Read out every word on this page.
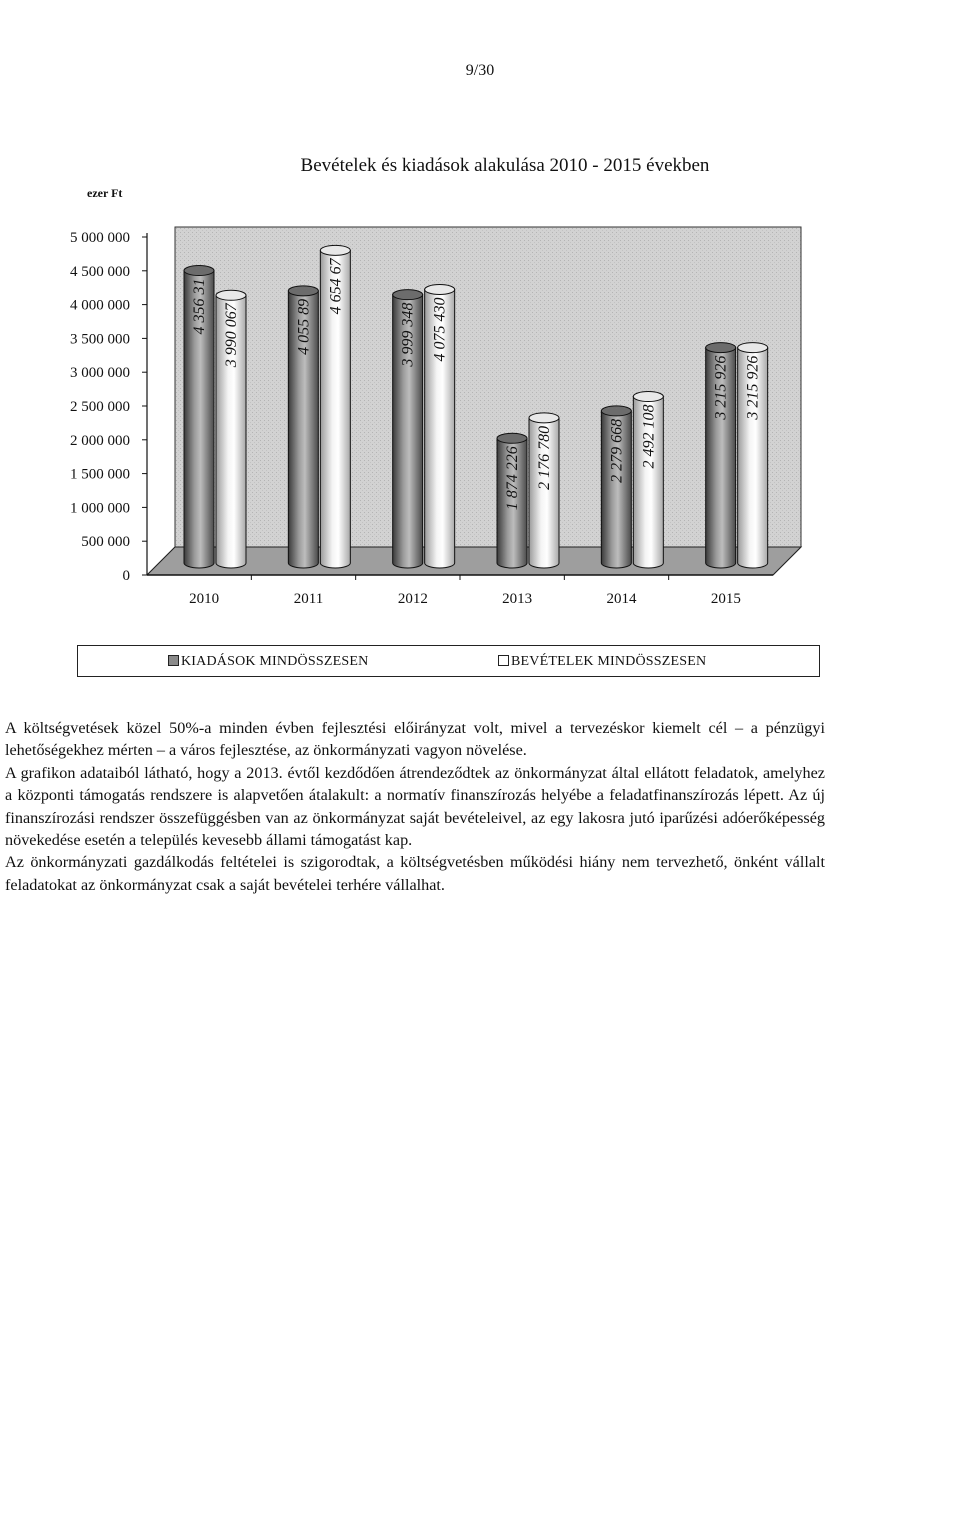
9/30
Bevételek és kiadások alakulása 2010 - 2015 években
ezer Ft
0
500 000
1 000 000
1 500 000
2 000 000
2 500 000
3 000 000
3 500 000
4 000 000
4 500 000
5 000 000
4 356 31 3 990 067	4 055 89
4 654 67
3 999 348 4 075 430
1 874 226 2 176 780	2 279 668 2 492 108
3 215 926 3 215 926
2010	2011	2012	2013	2014	2015
KIADÁSOK MINDÖSSZESEN	BEVÉTELEK MINDÖSSZESEN

A költségvetések közel 50%-a minden évben fejlesztési előirányzat volt, mivel a tervezéskor kiemelt cél – a pénzügyi lehetőségekhez mérten – a város fejlesztése, az önkormányzati vagyon növelése.

A grafikon adataiból látható, hogy a 2013. évtől kezdődően átrendeződtek az önkormányzat által ellátott feladatok, amelyhez a központi támogatás rendszere is alapvetően átalakult: a normatív finanszírozás helyébe a feladatfinanszírozás lépett. Az új finanszírozási rendszer összefüggésben van az önkormányzat saját bevételeivel, az egy lakosra jutó iparűzési adóerőképesség növekedése esetén a település kevesebb állami támogatást kap.

Az önkormányzati gazdálkodás feltételei is szigorodtak, a költségvetésben működési hiány nem tervezhető, önként vállalt feladatokat az önkormányzat csak a saját bevételei terhére vállalhat.
